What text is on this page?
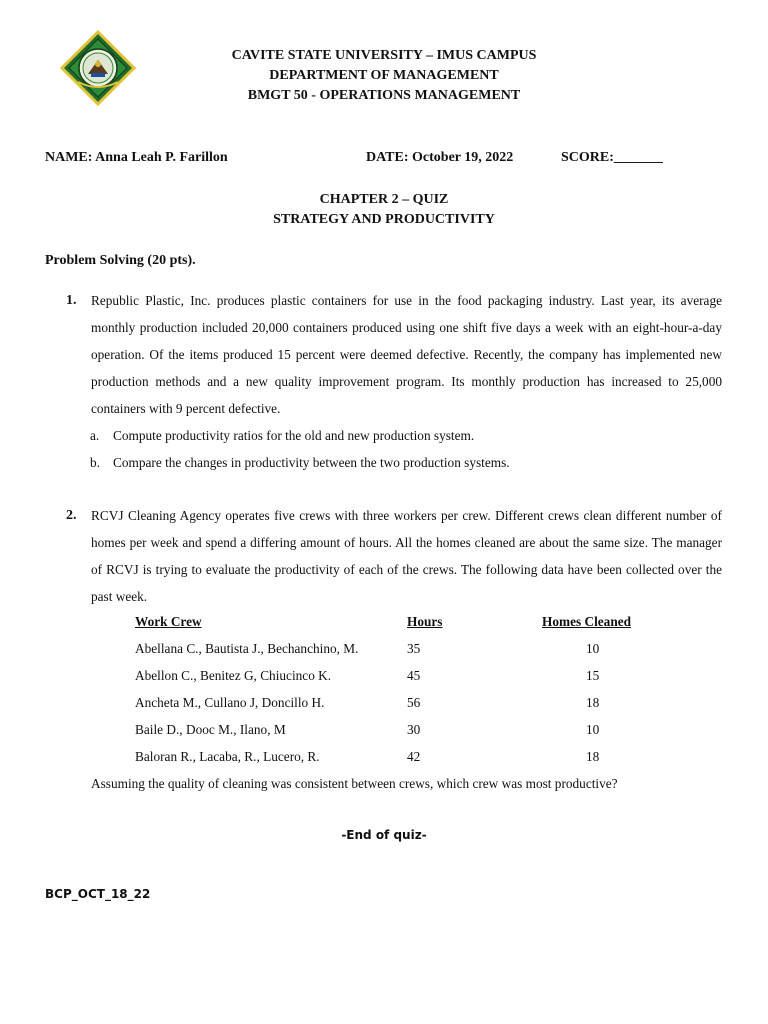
CAVITE STATE UNIVERSITY – IMUS CAMPUS
DEPARTMENT OF MANAGEMENT
BMGT 50 - OPERATIONS MANAGEMENT
NAME: Anna Leah P. Farillon	DATE: October 19, 2022	SCORE:_______
CHAPTER 2 – QUIZ
STRATEGY AND PRODUCTIVITY
Problem Solving (20 pts).
1. Republic Plastic, Inc. produces plastic containers for use in the food packaging industry. Last year, its average monthly production included 20,000 containers produced using one shift five days a week with an eight-hour-a-day operation. Of the items produced 15 percent were deemed defective. Recently, the company has implemented new production methods and a new quality improvement program. Its monthly production has increased to 25,000 containers with 9 percent defective.
a. Compute productivity ratios for the old and new production system.
b. Compare the changes in productivity between the two production systems.
2. RCVJ Cleaning Agency operates five crews with three workers per crew. Different crews clean different number of homes per week and spend a differing amount of hours. All the homes cleaned are about the same size. The manager of RCVJ is trying to evaluate the productivity of each of the crews. The following data have been collected over the past week.
Work Crew	Hours	Homes Cleaned
Abellana C., Bautista J., Bechanchino, M.	35	10
Abellon C., Benitez G, Chiucinco K.	45	15
Ancheta M., Cullano J, Doncillo H.	56	18
Baile D., Dooc M., Ilano, M	30	10
Baloran R., Lacaba, R., Lucero, R.	42	18
Assuming the quality of cleaning was consistent between crews, which crew was most productive?
-End of quiz-
BCP_OCT_18_22
